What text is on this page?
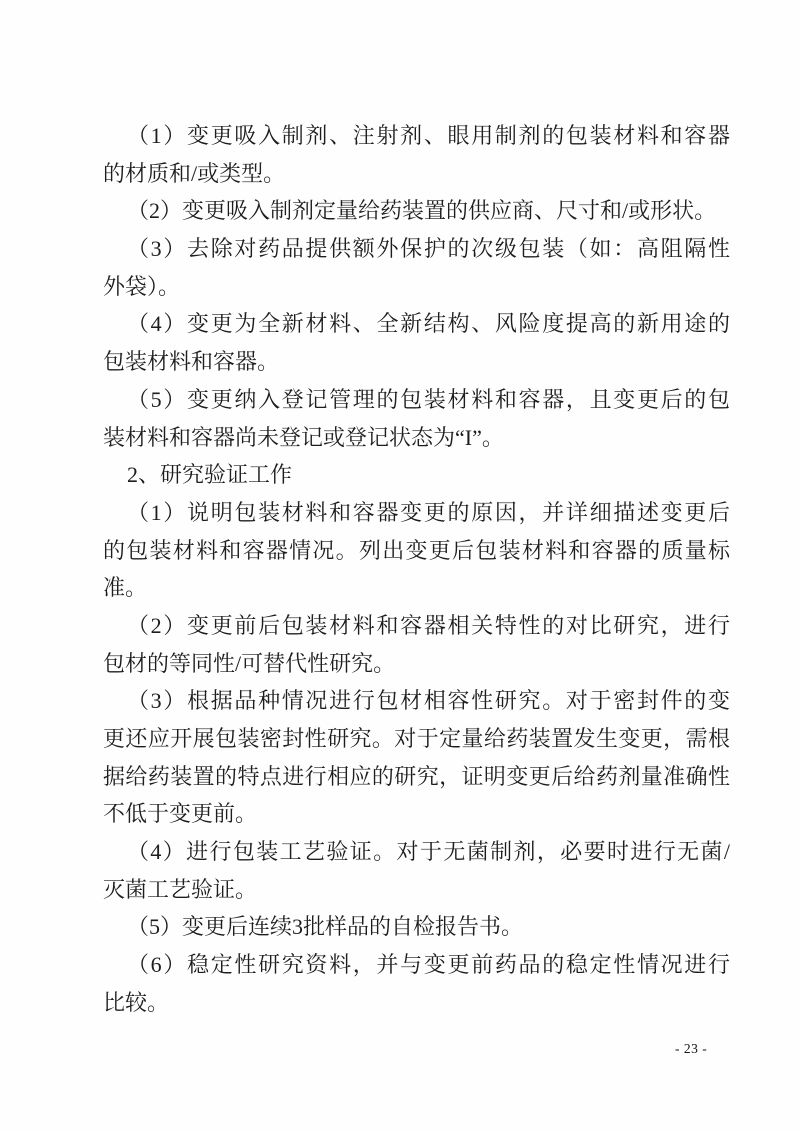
（1）变更吸入制剂、注射剂、眼用制剂的包装材料和容器
的材质和/或类型。
（2）变更吸入制剂定量给药装置的供应商、尺寸和/或形状。
（3）去除对药品提供额外保护的次级包装（如：高阻隔性
外袋）。
（4）变更为全新材料、全新结构、风险度提高的新用途的
包装材料和容器。
（5）变更纳入登记管理的包装材料和容器，且变更后的包
装材料和容器尚未登记或登记状态为“I”。
2、研究验证工作
（1）说明包装材料和容器变更的原因，并详细描述变更后
的包装材料和容器情况。列出变更后包装材料和容器的质量标
准。
（2）变更前后包装材料和容器相关特性的对比研究，进行
包材的等同性/可替代性研究。
（3）根据品种情况进行包材相容性研究。对于密封件的变
更还应开展包装密封性研究。对于定量给药装置发生变更，需根
据给药装置的特点进行相应的研究，证明变更后给药剂量准确性
不低于变更前。
（4）进行包装工艺验证。对于无菌制剂，必要时进行无菌/
灭菌工艺验证。
（5）变更后连续3批样品的自检报告书。
（6）稳定性研究资料，并与变更前药品的稳定性情况进行
比较。
- 23 -
